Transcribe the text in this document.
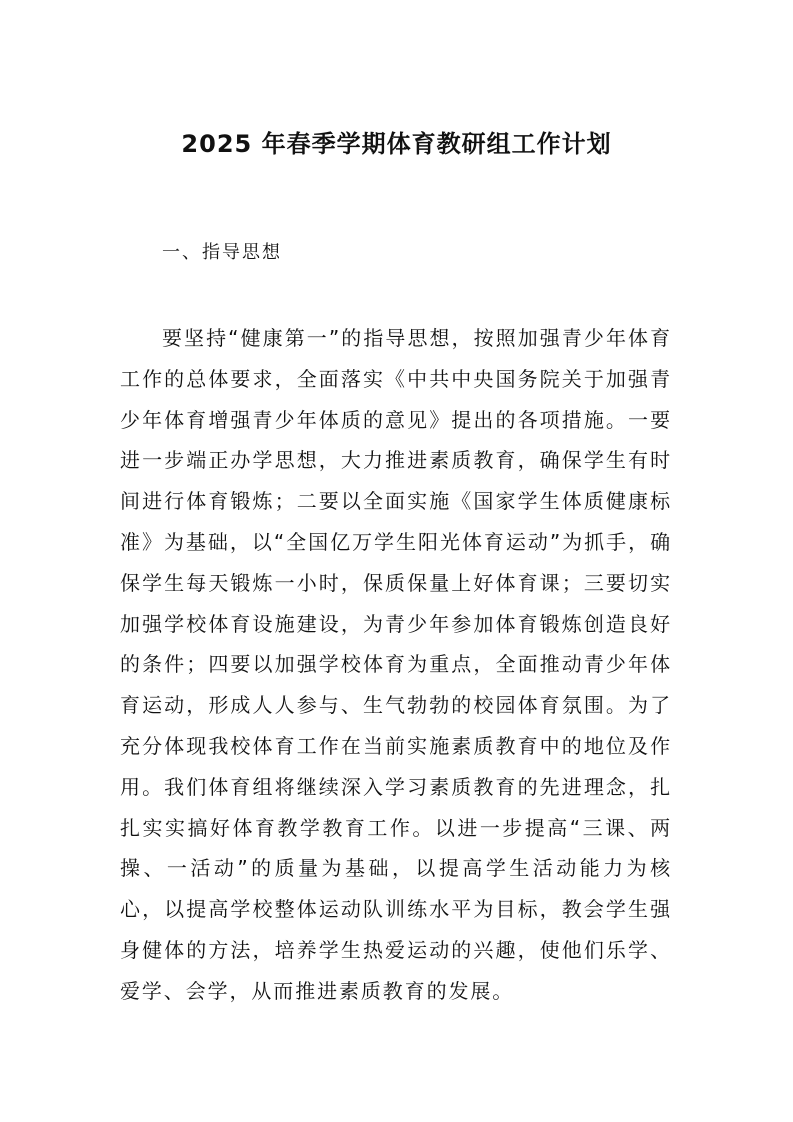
2025 年春季学期体育教研组工作计划
一、指导思想

要坚持“健康第一”的指导思想，按照加强青少年体育工作的总体要求，全面落实《中共中央国务院关于加强青少年体育增强青少年体质的意见》提出的各项措施。一要进一步端正办学思想，大力推进素质教育，确保学生有时间进行体育锻炼；二要以全面实施《国家学生体质健康标准》为基础，以“全国亿万学生阳光体育运动”为抓手，确保学生每天锻炼一小时，保质保量上好体育课；三要切实加强学校体育设施建设，为青少年参加体育锻炼创造良好的条件；四要以加强学校体育为重点，全面推动青少年体育运动，形成人人参与、生气勃勃的校园体育氛围。为了充分体现我校体育工作在当前实施素质教育中的地位及作用。我们体育组将继续深入学习素质教育的先进理念，扎扎实实搞好体育教学教育工作。以进一步提高“三课、两操、一活动”的质量为基础，以提高学生活动能力为核心，以提高学校整体运动队训练水平为目标，教会学生强身健体的方法，培养学生热爱运动的兴趣，使他们乐学、爱学、会学，从而推进素质教育的发展。
